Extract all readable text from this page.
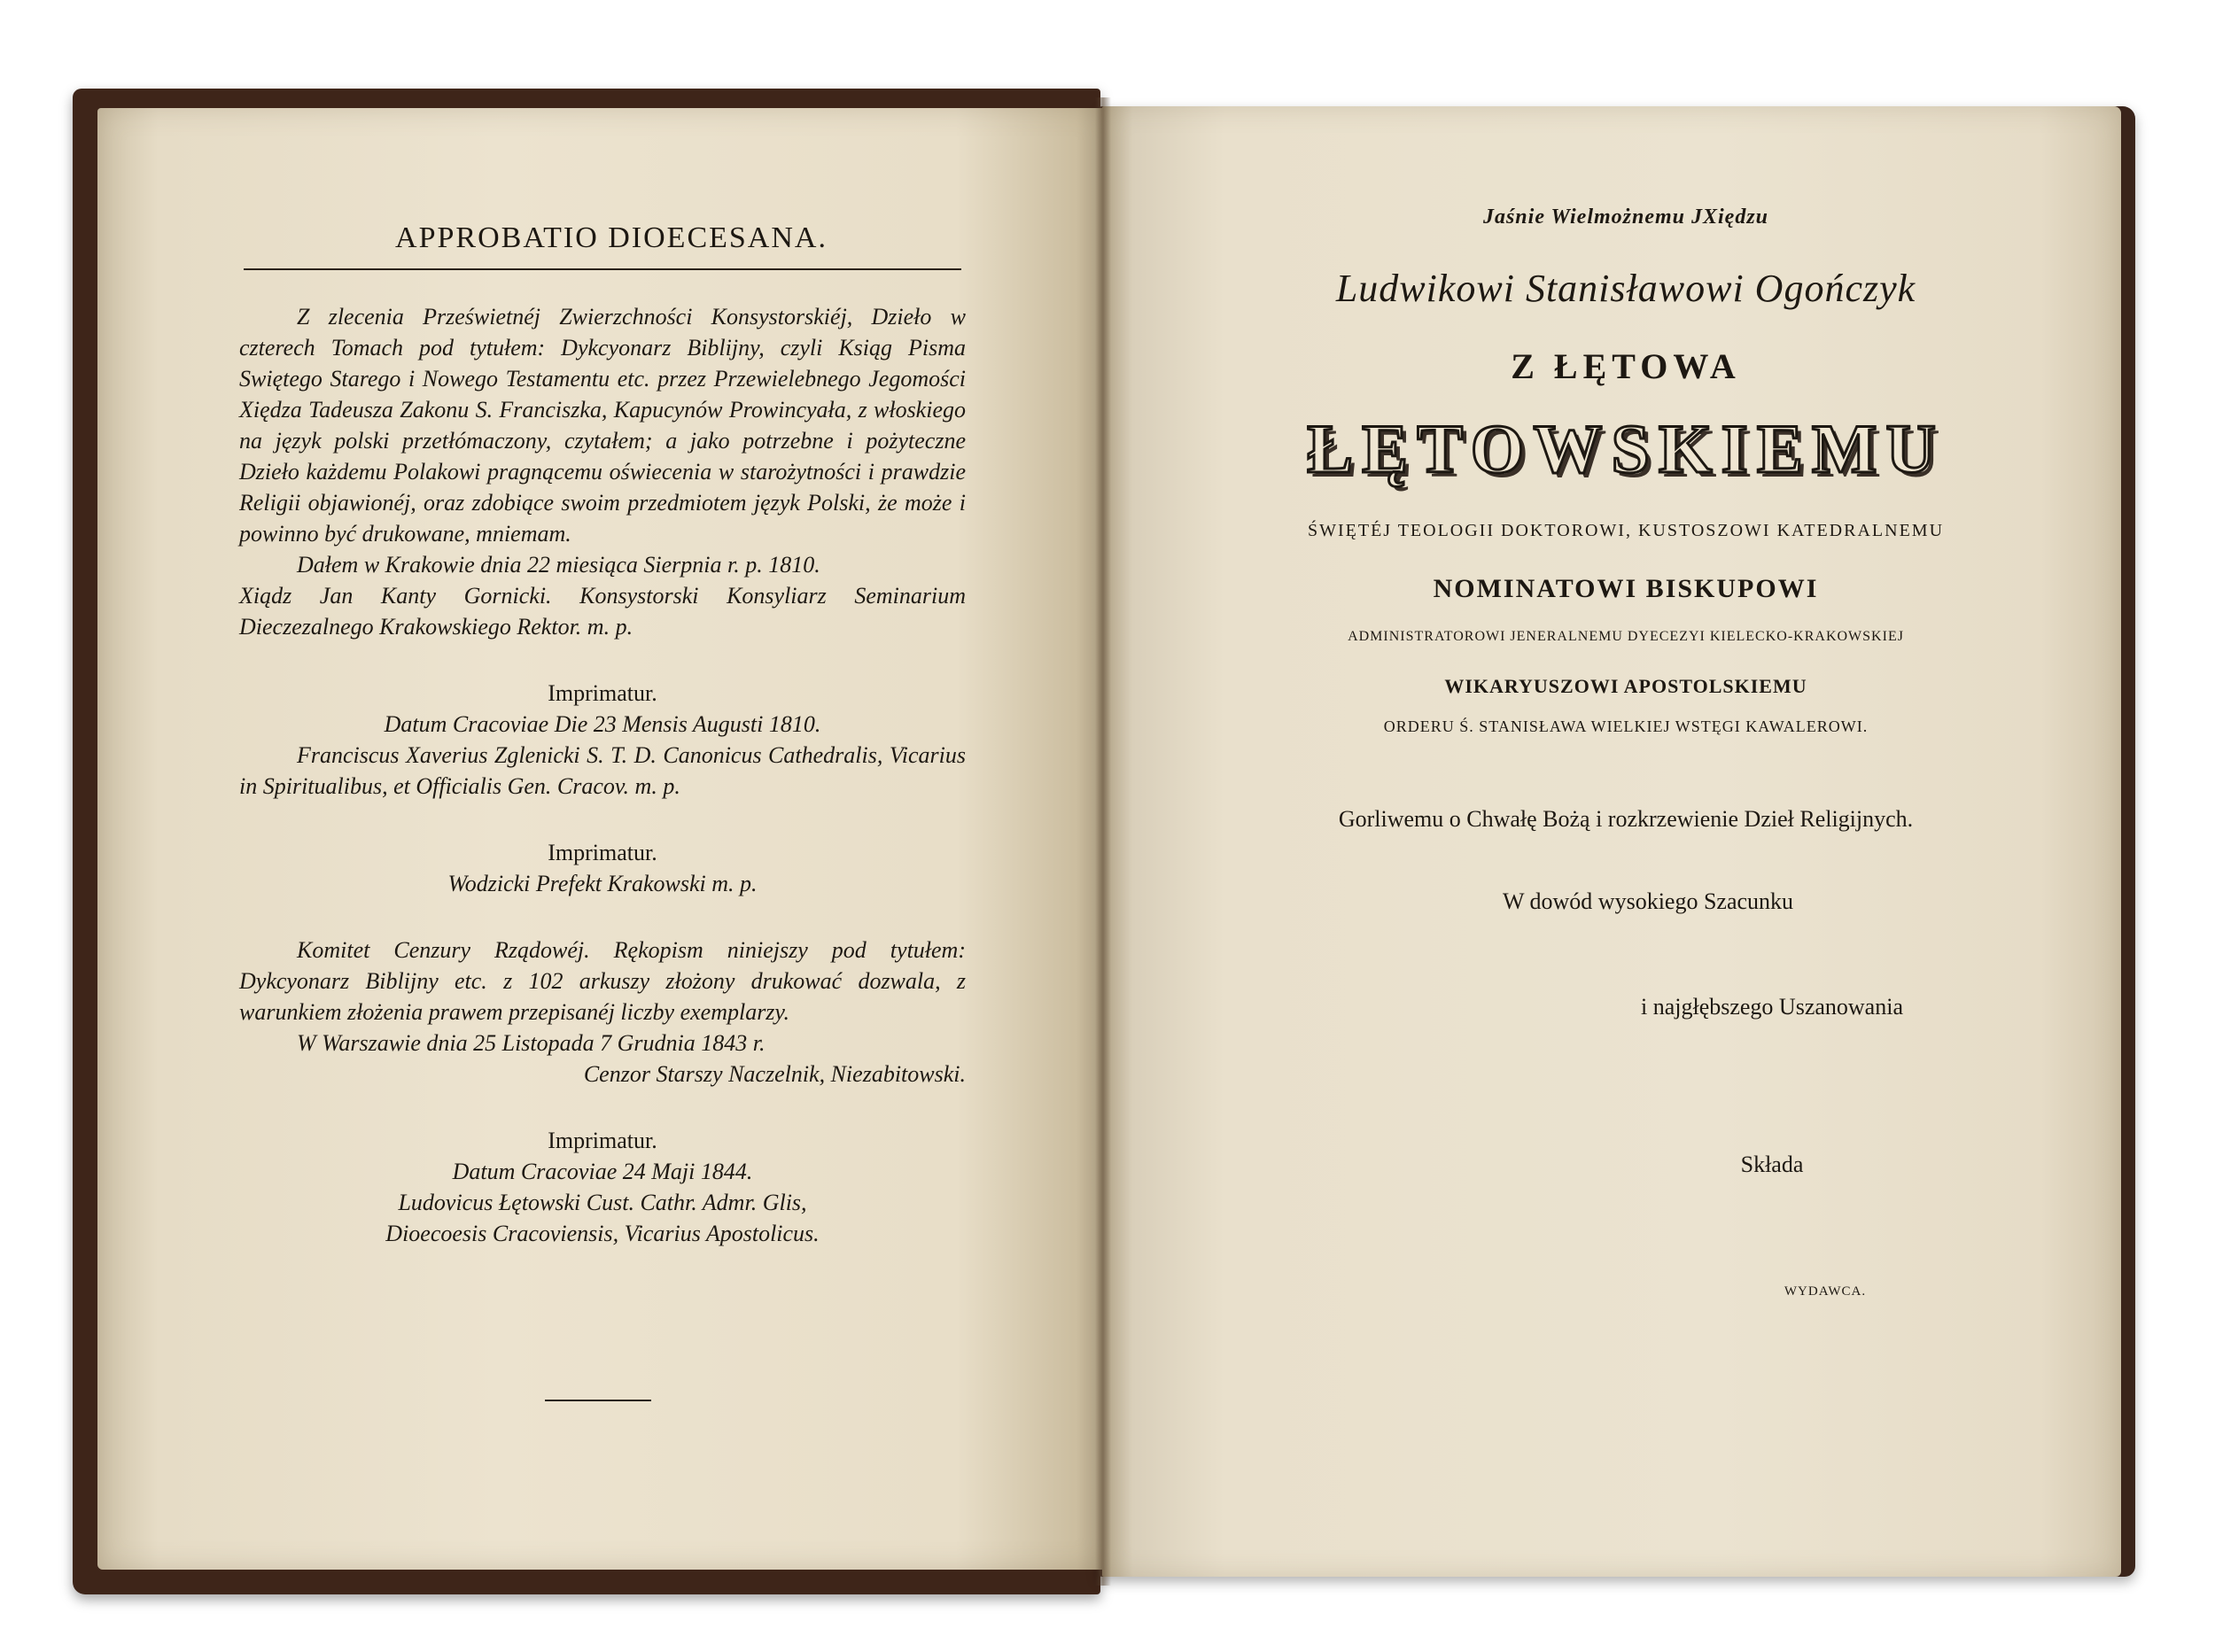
APPROBATIO DIOECESANA.

Z zlecenia Prześwietnéj Zwierzchności Konsystorskiéj, Dzieło w czterech Tomach pod tytułem: Dykcyonarz Biblijny, czyli Ksiąg Pisma Swiętego Starego i Nowego Testamentu etc. przez Przewielebnego Jegomości Xiędza Tadeusza Zakonu S. Franciszka, Kapucynów Prowincyała, z włoskiego na język polski przetłómaczony, czytałem; a jako potrzebne i pożyteczne Dzieło każdemu Polakowi pragnącemu oświecenia w starożytności i prawdzie Religii objawionéj, oraz zdobiące swoim przedmiotem język Polski, że może i powinno być drukowane, mniemam.

Dałem w Krakowie dnia 22 miesiąca Sierpnia r. p. 1810.

Xiądz Jan Kanty Gornicki. Konsystorski Konsyliarz Seminarium Dieczezalnego Krakowskiego Rektor. m. p.

Imprimatur.

Datum Cracoviae Die 23 Mensis Augusti 1810.

Franciscus Xaverius Zglenicki S. T. D. Canonicus Cathedralis, Vicarius in Spiritualibus, et Officialis Gen. Cracov. m. p.

Imprimatur.

Wodzicki Prefekt Krakowski m. p.

Komitet Cenzury Rządowéj. Rękopism niniejszy pod tytułem: Dykcyonarz Biblijny etc. z 102 arkuszy złożony drukować dozwala, z warunkiem złożenia prawem przepisanéj liczby exemplarzy.

W Warszawie dnia 25 Listopada 7 Grudnia 1843 r.

Cenzor Starszy Naczelnik, Niezabitowski.

Imprimatur.

Datum Cracoviae 24 Maji 1844.

Ludovicus Łętowski Cust. Cathr. Admr. Glis,

Dioecoesis Cracoviensis, Vicarius Apostolicus.

Jaśnie Wielmożnemu JXiędzu
Ludwikowi Stanisławowi Ogończyk
Z ŁĘTOWA
ŁĘTOWSKIEMU
ŚWIĘTÉJ TEOLOGII DOKTOROWI, KUSTOSZOWI KATEDRALNEMU
NOMINATOWI BISKUPOWI
ADMINISTRATOROWI JENERALNEMU DYECEZYI KIELECKO-KRAKOWSKIEJ
WIKARYUSZOWI APOSTOLSKIEMU
ORDERU Ś. STANISŁAWA WIELKIEJ WSTĘGI KAWALEROWI.
Gorliwemu o Chwałę Bożą i rozkrzewienie Dzieł Religijnych.
W dowód wysokiego Szacunku
i najgłębszego Uszanowania
Składa
WYDAWCA.
